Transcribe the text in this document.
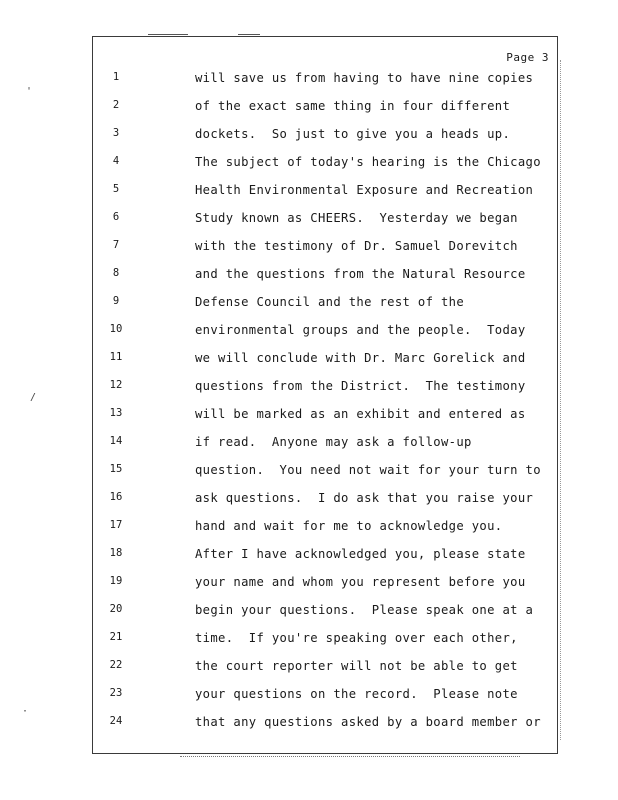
'
/
·
Page 3
1	will save us from having to have nine copies
2	of the exact same thing in four different
3	dockets.  So just to give you a heads up.
4	The subject of today's hearing is the Chicago
5	Health Environmental Exposure and Recreation
6	Study known as CHEERS.  Yesterday we began
7	with the testimony of Dr. Samuel Dorevitch
8	and the questions from the Natural Resource
9	Defense Council and the rest of the
10	environmental groups and the people.  Today
11	we will conclude with Dr. Marc Gorelick and
12	questions from the District.  The testimony
13	will be marked as an exhibit and entered as
14	if read.  Anyone may ask a follow-up
15	question.  You need not wait for your turn to
16	ask questions.  I do ask that you raise your
17	hand and wait for me to acknowledge you.
18	After I have acknowledged you, please state
19	your name and whom you represent before you
20	begin your questions.  Please speak one at a
21	time.  If you're speaking over each other,
22	the court reporter will not be able to get
23	your questions on the record.  Please note
24	that any questions asked by a board member or
